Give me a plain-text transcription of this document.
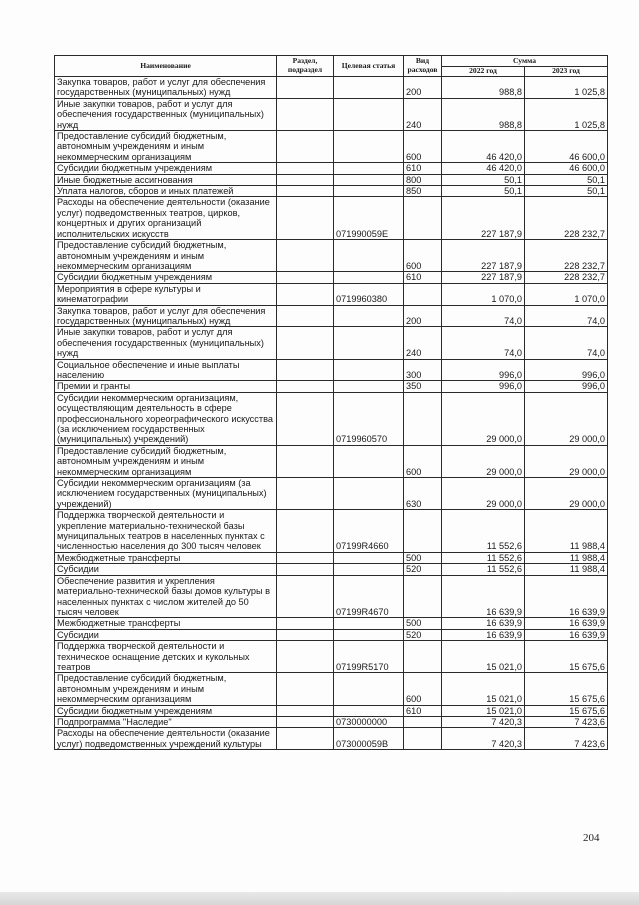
Наименование	Раздел, подраздел	Целевая статья	Вид расходов	Сумма	
				2022 год	2023 год
Закупка товаров, работ и услуг для обеспечения государственных (муниципальных) нужд			200	988,8	1 025,8
Иные закупки товаров, работ и услуг для обеспечения государственных (муниципальных) нужд			240	988,8	1 025,8
Предоставление субсидий бюджетным, автономным учреждениям и иным некоммерческим организациям			600	46 420,0	46 600,0
Субсидии бюджетным учреждениям			610	46 420,0	46 600,0
Иные бюджетные ассигнования			800	50,1	50,1
Уплата налогов, сборов и иных платежей			850	50,1	50,1
Расходы на обеспечение деятельности (оказание услуг) подведомственных театров, цирков, концертных и других организаций исполнительских искусств		071990059Е		227 187,9	228 232,7
Предоставление субсидий бюджетным, автономным учреждениям и иным некоммерческим организациям			600	227 187,9	228 232,7
Субсидии бюджетным учреждениям			610	227 187,9	228 232,7
Мероприятия в сфере культуры и кинематографии		0719960380		1 070,0	1 070,0
Закупка товаров, работ и услуг для обеспечения государственных (муниципальных) нужд			200	74,0	74,0
Иные закупки товаров, работ и услуг для обеспечения государственных (муниципальных) нужд			240	74,0	74,0
Социальное обеспечение и иные выплаты населению			300	996,0	996,0
Премии и гранты			350	996,0	996,0
Субсидии некоммерческим организациям, осуществляющим деятельность в сфере профессионального хореографического искусства (за исключением государственных (муниципальных) учреждений)		0719960570		29 000,0	29 000,0
Предоставление субсидий бюджетным, автономным учреждениям и иным некоммерческим организациям			600	29 000,0	29 000,0
Субсидии некоммерческим организациям (за исключением государственных (муниципальных) учреждений)			630	29 000,0	29 000,0
Поддержка творческой деятельности и укрепление материально-технической базы муниципальных театров в населенных пунктах с численностью населения до 300 тысяч человек		07199R4660		11 552,6	11 988,4
Межбюджетные трансферты			500	11 552,6	11 988,4
Субсидии			520	11 552,6	11 988,4
Обеспечение развития и укрепления материально-технической базы домов культуры в населенных пунктах с числом жителей до 50 тысяч человек		07199R4670		16 639,9	16 639,9
Межбюджетные трансферты			500	16 639,9	16 639,9
Субсидии			520	16 639,9	16 639,9
Поддержка творческой деятельности и техническое оснащение детских и кукольных театров		07199R5170		15 021,0	15 675,6
Предоставление субсидий бюджетным, автономным учреждениям и иным некоммерческим организациям			600	15 021,0	15 675,6
Субсидии бюджетным учреждениям			610	15 021,0	15 675,6
Подпрограмма "Наследие"		0730000000		7 420,3	7 423,6
Расходы на обеспечение деятельности (оказание услуг) подведомственных учреждений культуры		073000059В		7 420,3	7 423,6
204
